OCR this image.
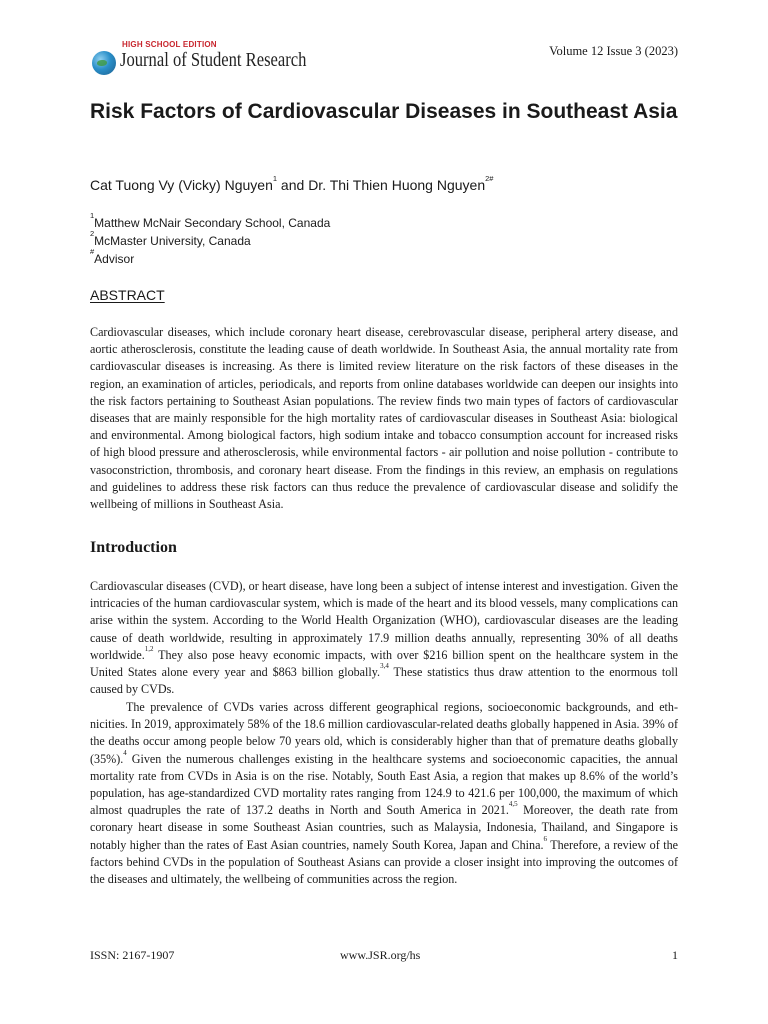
HIGH SCHOOL EDITION
Journal of Student Research	Volume 12 Issue 3 (2023)
Risk Factors of Cardiovascular Diseases in Southeast Asia

Cat Tuong Vy (Vicky) Nguyen$^1$ and Dr. Thi Thien Huong Nguyen$^{2\#}$

$^1$Matthew McNair Secondary School, Canada
$^2$McMaster University, Canada
#Advisor
ABSTRACT

Cardiovascular diseases, which include coronary heart disease, cerebrovascular disease, peripheral artery disease, and aortic atherosclerosis, constitute the leading cause of death worldwide. In Southeast Asia, the annual mortality rate from cardiovascular diseases is increasing. As there is limited review literature on the risk factors of these diseases in the region, an examination of articles, periodicals, and reports from online databases worldwide can deepen our insights into the risk factors pertaining to Southeast Asian populations. The review finds two main types of factors of cardiovascular diseases that are mainly responsible for the high mortality rates of cardiovascular diseases in Southeast Asia: biological and environmental. Among biological factors, high sodium intake and tobacco consumption account for increased risks of high blood pressure and atherosclerosis, while environmental factors - air pollution and noise pollution - contribute to vasoconstriction, thrombosis, and coronary heart disease. From the findings in this review, an emphasis on regulations and guidelines to address these risk factors can thus reduce the prevalence of cardiovascular disease and solidify the wellbeing of millions in Southeast Asia.

Introduction

Cardiovascular diseases (CVD), or heart disease, have long been a subject of intense interest and investigation. Given the intricacies of the human cardiovascular system, which is made of the heart and its blood vessels, many complications can arise within the system. According to the World Health Organization (WHO), cardiovascular diseases are the leading cause of death worldwide, resulting in approximately 17.9 million deaths annually, representing 30% of all deaths worldwide.$^{1,2}$ They also pose heavy economic impacts, with over $216 billion spent on the healthcare system in the United States alone every year and $863 billion globally.$^{3,4}$ These statistics thus draw attention to the enormous toll caused by CVDs.

The prevalence of CVDs varies across different geographical regions, socioeconomic backgrounds, and ethnicities. In 2019, approximately 58% of the 18.6 million cardiovascular-related deaths globally happened in Asia. 39% of the deaths occur among people below 70 years old, which is considerably higher than that of premature deaths globally (35%).$^4$ Given the numerous challenges existing in the healthcare systems and socioeconomic capacities, the annual mortality rate from CVDs in Asia is on the rise. Notably, South East Asia, a region that makes up 8.6% of the world’s population, has age-standardized CVD mortality rates ranging from 124.9 to 421.6 per 100,000, the maximum of which almost quadruples the rate of 137.2 deaths in North and South America in 2021.$^{4,5}$ Moreover, the death rate from coronary heart disease in some Southeast Asian countries, such as Malaysia, Indonesia, Thailand, and Singapore is notably higher than the rates of East Asian countries, namely South Korea, Japan and China.$^6$ Therefore, a review of the factors behind CVDs in the population of Southeast Asians can provide a closer insight into improving the outcomes of the diseases and ultimately, the wellbeing of communities across the region.

ISSN: 2167-1907	www.JSR.org/hs	1
